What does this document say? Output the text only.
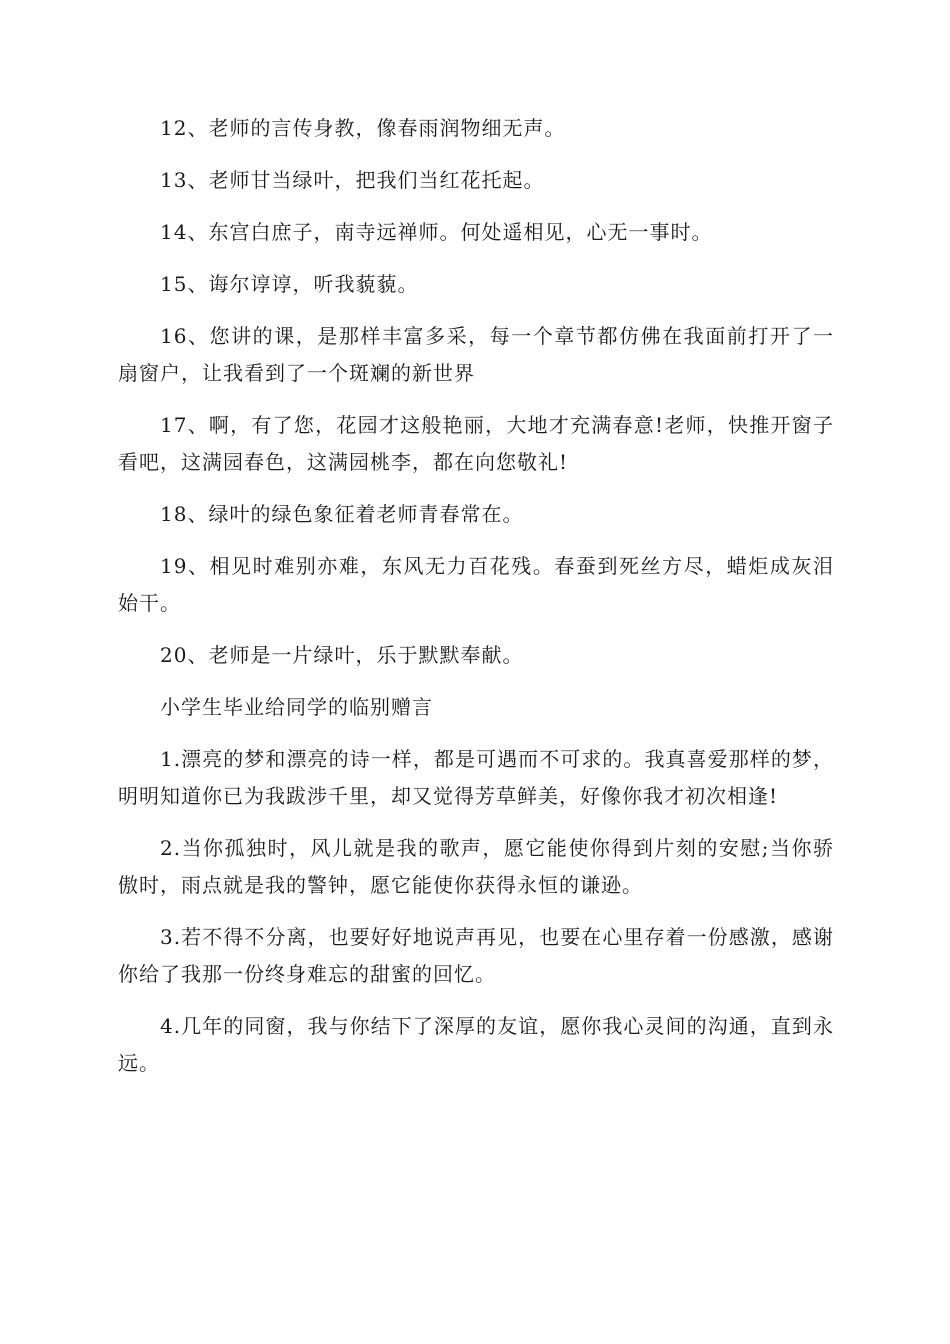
12、老师的言传身教，像春雨润物细无声。

13、老师甘当绿叶，把我们当红花托起。

14、东宫白庶子，南寺远禅师。何处遥相见，心无一事时。

15、诲尔谆谆，听我藐藐。

16、您讲的课，是那样丰富多采，每一个章节都仿佛在我面前打开了一扇窗户，让我看到了一个斑斓的新世界

17、啊，有了您，花园才这般艳丽，大地才充满春意!老师，快推开窗子看吧，这满园春色，这满园桃李，都在向您敬礼!

18、绿叶的绿色象征着老师青春常在。

19、相见时难别亦难，东风无力百花残。春蚕到死丝方尽，蜡炬成灰泪始干。

20、老师是一片绿叶，乐于默默奉献。

小学生毕业给同学的临别赠言

1.漂亮的梦和漂亮的诗一样，都是可遇而不可求的。我真喜爱那样的梦，明明知道你已为我跋涉千里，却又觉得芳草鲜美，好像你我才初次相逢!

2.当你孤独时，风儿就是我的歌声，愿它能使你得到片刻的安慰;当你骄傲时，雨点就是我的警钟，愿它能使你获得永恒的谦逊。

3.若不得不分离，也要好好地说声再见，也要在心里存着一份感激，感谢你给了我那一份终身难忘的甜蜜的回忆。

4.几年的同窗，我与你结下了深厚的友谊，愿你我心灵间的沟通，直到永远。
